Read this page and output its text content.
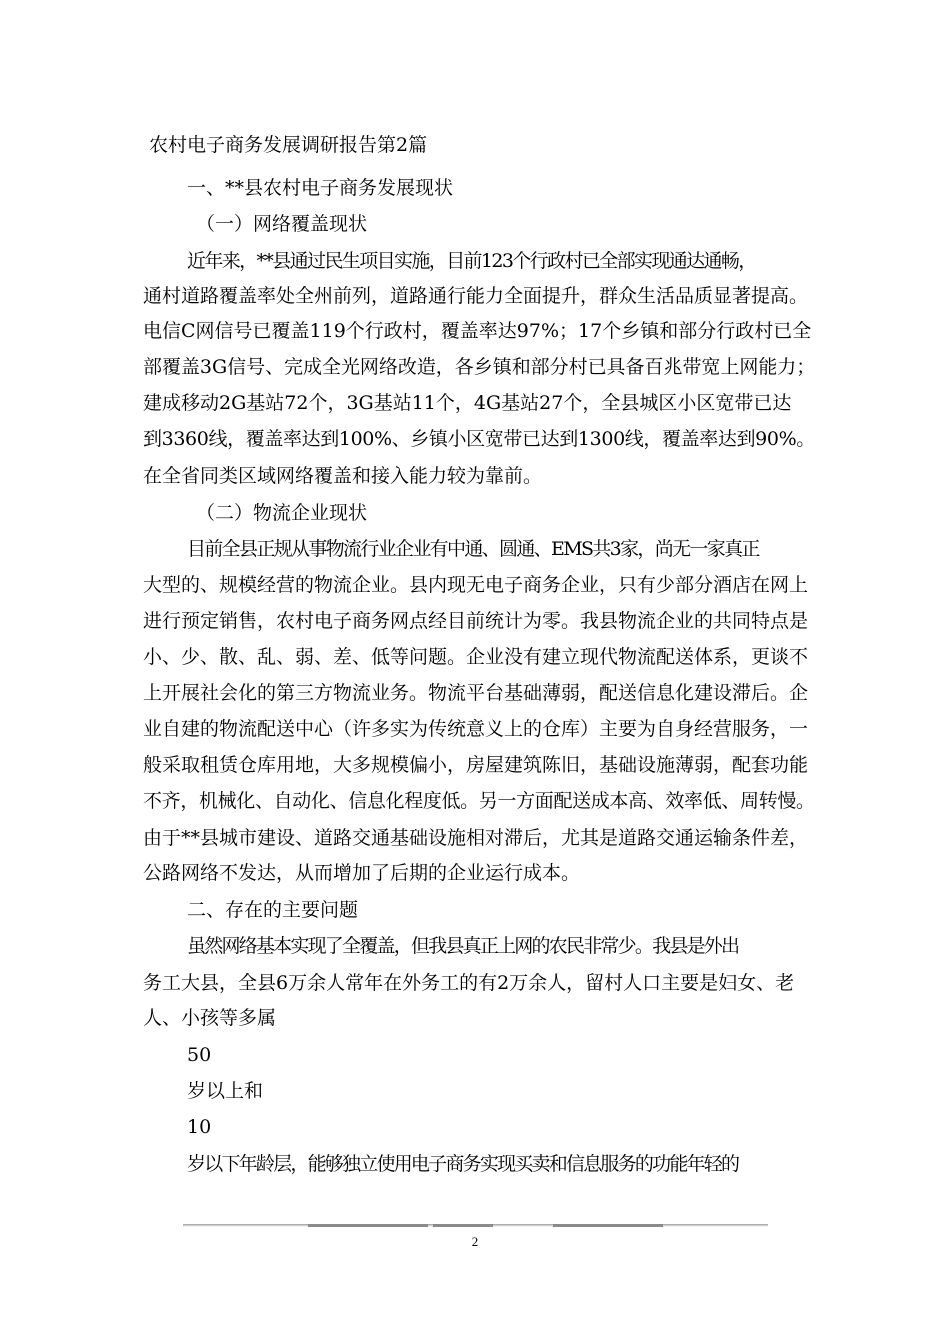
农村电子商务发展调研报告第2篇
一、**县农村电子商务发展现状
（一）网络覆盖现状
近年来，**县通过民生项目实施，目前123个行政村已全部实现通达通畅，
通村道路覆盖率处全州前列，道路通行能力全面提升，群众生活品质显著提高。
电信C网信号已覆盖119个行政村，覆盖率达97%；17个乡镇和部分行政村已全
部覆盖3G信号、完成全光网络改造，各乡镇和部分村已具备百兆带宽上网能力；
建成移动2G基站72个，3G基站11个，4G基站27个，全县城区小区宽带已达
到3360线，覆盖率达到100%、乡镇小区宽带已达到1300线，覆盖率达到90%。
在全省同类区域网络覆盖和接入能力较为靠前。
（二）物流企业现状
目前全县正规从事物流行业企业有中通、圆通、EMS共3家，尚无一家真正
大型的、规模经营的物流企业。县内现无电子商务企业，只有少部分酒店在网上
进行预定销售，农村电子商务网点经目前统计为零。我县物流企业的共同特点是
小、少、散、乱、弱、差、低等问题。企业没有建立现代物流配送体系，更谈不
上开展社会化的第三方物流业务。物流平台基础薄弱，配送信息化建设滞后。企
业自建的物流配送中心（许多实为传统意义上的仓库）主要为自身经营服务，一
般采取租赁仓库用地，大多规模偏小，房屋建筑陈旧，基础设施薄弱，配套功能
不齐，机械化、自动化、信息化程度低。另一方面配送成本高、效率低、周转慢。
由于**县城市建设、道路交通基础设施相对滞后，尤其是道路交通运输条件差，
公路网络不发达，从而增加了后期的企业运行成本。
二、存在的主要问题
虽然网络基本实现了全覆盖，但我县真正上网的农民非常少。我县是外出
务工大县，全县6万余人常年在外务工的有2万余人，留村人口主要是妇女、老
人、小孩等多属
50
岁以上和
10
岁以下年龄层，能够独立使用电子商务实现买卖和信息服务的功能年轻的
2
